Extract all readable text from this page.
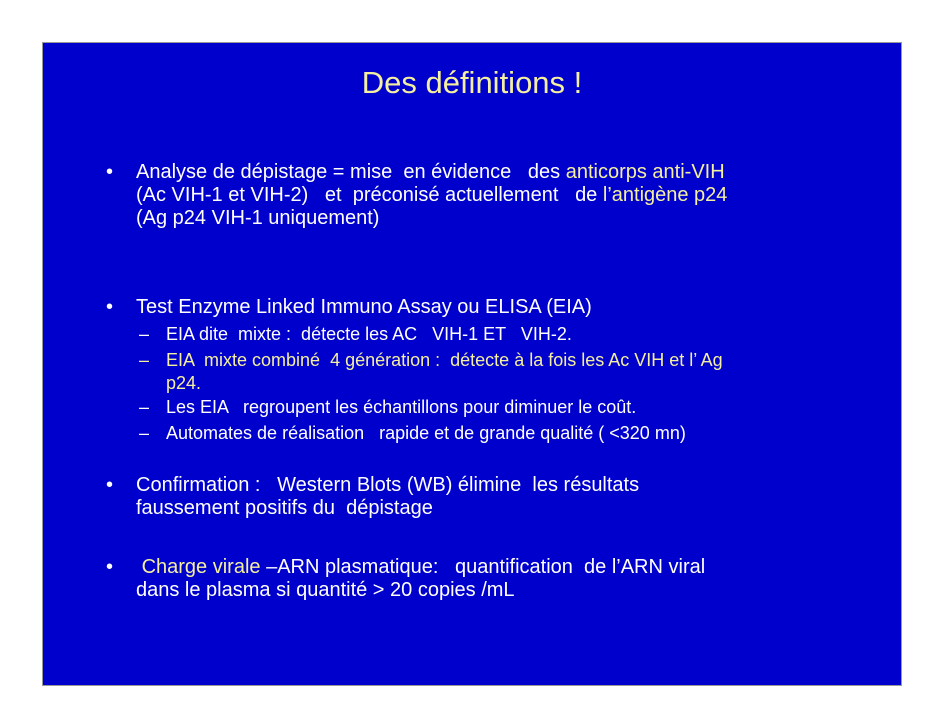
Des définitions !
•	Analyse de dépistage = mise  en évidence   des anticorps anti-VIH
(Ac VIH-1 et VIH-2)   et  préconisé actuellement   de l’antigène p24
(Ag p24 VIH-1 uniquement)
•	Test Enzyme Linked Immuno Assay ou ELISA (EIA)
– EIA dite  mixte :  détecte les AC   VIH-1 ET   VIH-2.
– EIA  mixte combiné  4 génération :  détecte à la fois les Ac VIH et l’ Ag
p24.
– Les EIA   regroupent les échantillons pour diminuer le coût.
– Automates de réalisation   rapide et de grande qualité ( <320 mn)
•	Confirmation :   Western Blots (WB) élimine  les résultats
faussement positifs du  dépistage
•	Charge virale –ARN plasmatique:   quantification  de l’ARN viral
dans le plasma si quantité > 20 copies /mL
